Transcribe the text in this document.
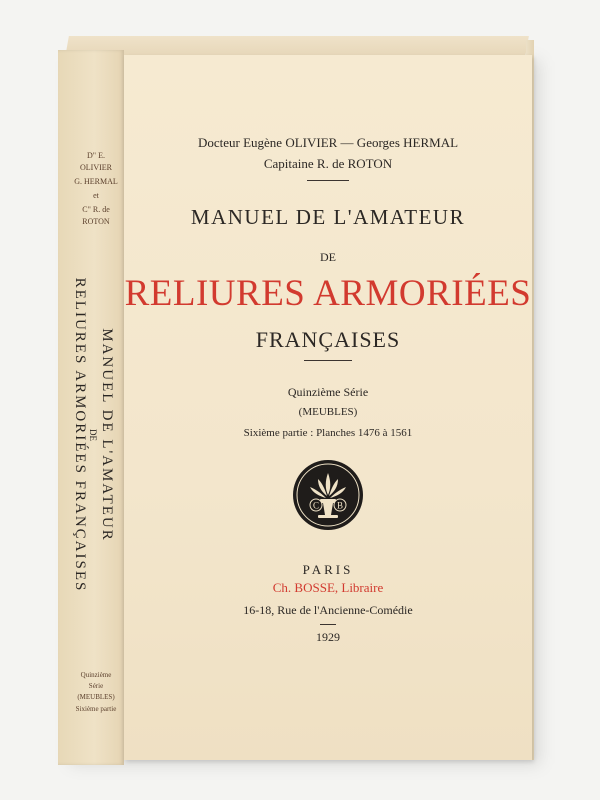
D" E. OLIVIER
G. HERMAL
et
C" R. de ROTON
MANUEL DE L'AMATEUR
DE
RELIURES ARMORIÉES FRANÇAISES
Quinzième
Série
(MEUBLES)
Sixième partie
Docteur Eugène OLIVIER — Georges HERMAL
Capitaine R. de ROTON
MANUEL DE L'AMATEUR
DE
RELIURES ARMORIÉES
FRANÇAISES
Quinzième Série
(MEUBLES)
Sixième partie : Planches 1476 à 1561
C B
PARIS
Ch. BOSSE, Libraire
16-18, Rue de l'Ancienne-Comédie
1929
